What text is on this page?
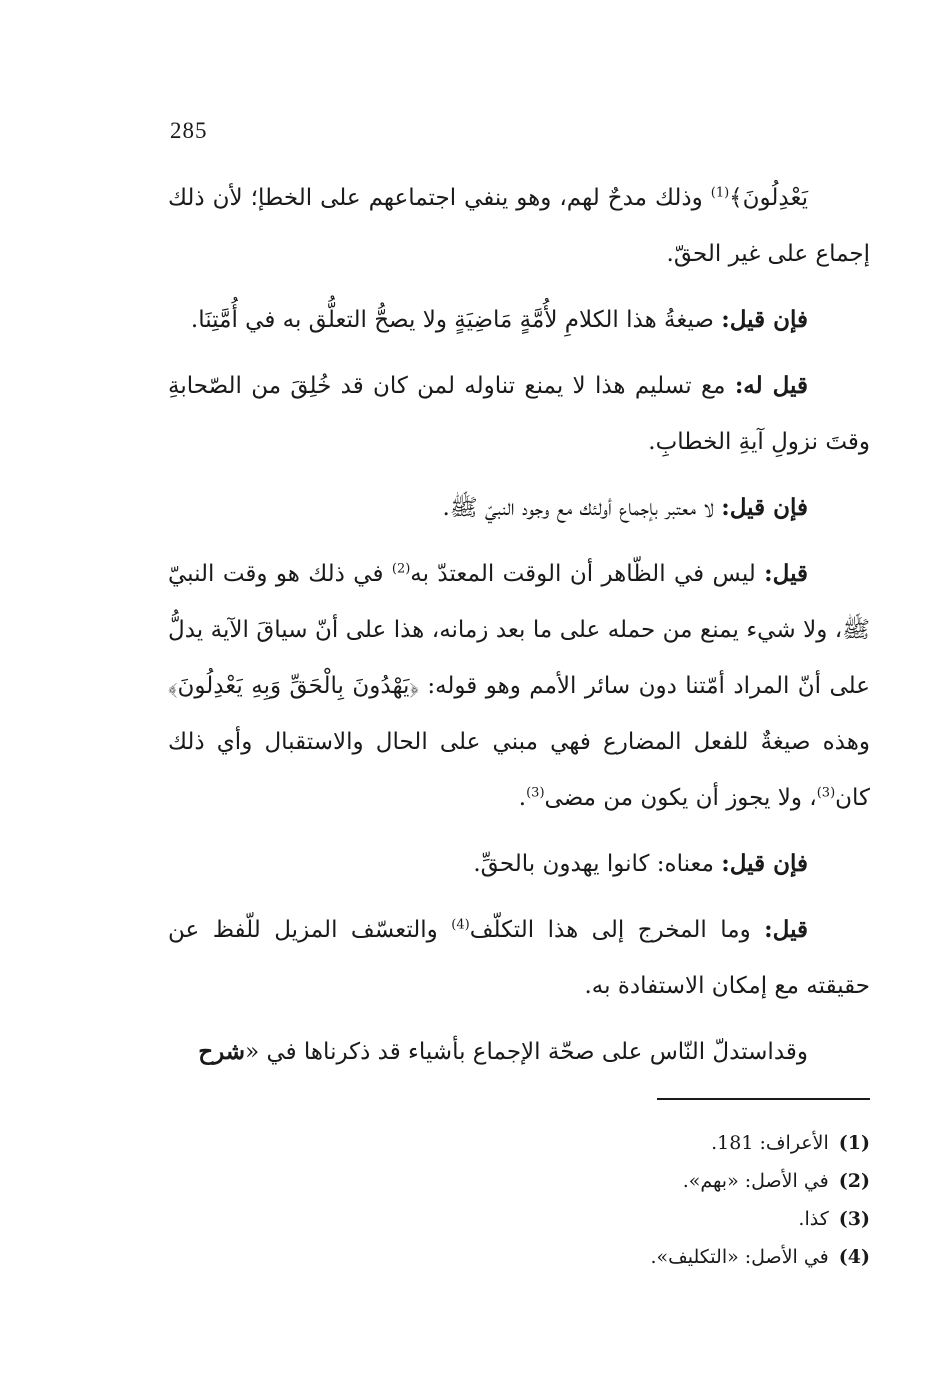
285

يَعْدِلُونَ﴾$^{(1)}$ وذلك مدحٌ لهم، وهو ينفي اجتماعهم على الخطإ؛ لأن ذلك إجماع على غير الحقّ.

فإن قيل: صيغةُ هذا الكلامِ لأُمَّةٍ مَاضِيَةٍ ولا يصحُّ التعلُّق به في أُمَّتِنَا.

قيل له: مع تسليم هذا لا يمنع تناوله لمن كان قد خُلِقَ من الصّحابةِ وقتَ نزولِ آيةِ الخطابِ.

فإن قيل: لا معتبر بإجماع أولئك مع وجود النبيّ ﷺ.

قيل: ليس في الظّاهر أن الوقت المعتدّ به$^{(2)}$ في ذلك هو وقت النبيّ ﷺ، ولا شيء يمنع من حمله على ما بعد زمانه، هذا على أنّ سياقَ الآية يدلُّ على أنّ المراد أمّتنا دون سائر الأمم وهو قوله: ﴿يَهْدُونَ بِالْحَقِّ وَبِهِ يَعْدِلُونَ﴾ وهذه صيغةٌ للفعل المضارع فهي مبني على الحال والاستقبال وأي ذلك كان$^{(3)}$، ولا يجوز أن يكون من مضى$^{(3)}$.

فإن قيل: معناه: كانوا يهدون بالحقِّ.

قيل: وما المخرج إلى هذا التكلّف$^{(4)}$ والتعسّف المزيل للّفظ عن حقيقته مع إمكان الاستفادة به.

وقداستدلّ النّاس على صحّة الإجماع بأشياء قد ذكرناها في «شرح

(1)الأعراف: 181.
(2)في الأصل: «بهم».
(3)كذا.
(4)في الأصل: «التكليف».
